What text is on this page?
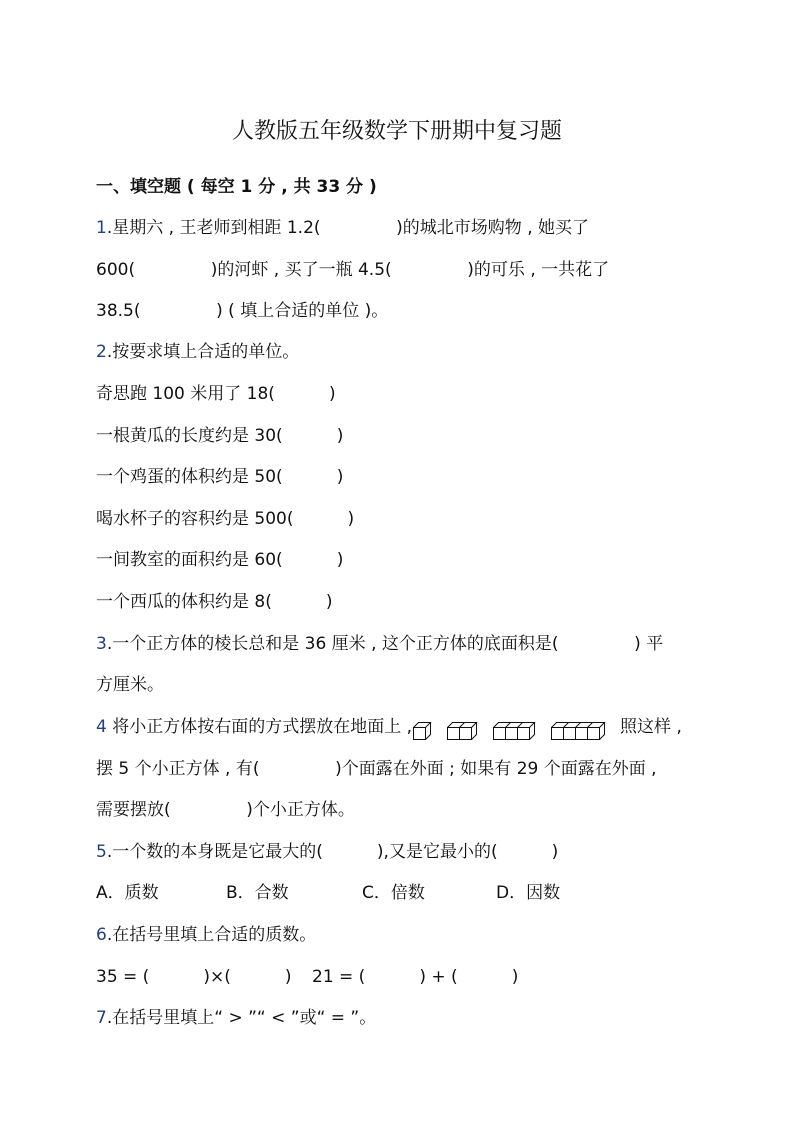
人教版五年级数学下册期中复习题
一、填空题 ( 每空 1 分 , 共 33 分 )
1.星期六 , 王老师到相距 1.2(              )的城北市场购物 , 她买了
600(              )的河虾 , 买了一瓶 4.5(              )的可乐 , 一共花了
38.5(              ) ( 填上合适的单位 )。
2.按要求填上合适的单位。
奇思跑 100 米用了 18(          )
一根黄瓜的长度约是 30(          )
一个鸡蛋的体积约是 50(          )
喝水杯子的容积约是 500(          )
一间教室的面积约是 60(          )
一个西瓜的体积约是 8(          )
3.一个正方体的棱长总和是 36 厘米 , 这个正方体的底面积是(              ) 平
方厘米。
4 将小正方体按右面的方式摆放在地面上 ,	照这样 ,
摆 5 个小正方体 , 有(              )个面露在外面 ; 如果有 29 个面露在外面 ,
需要摆放(              )个小正方体。
5.一个数的本身既是它最大的(          ),又是它最小的(          )
A．质数	B．合数	C．倍数	D．因数
6.在括号里填上合适的质数。
35 = (          )×(          ) 21 = (          ) + (          )
7.在括号里填上“ > ”“ < ”或“ = ”。
